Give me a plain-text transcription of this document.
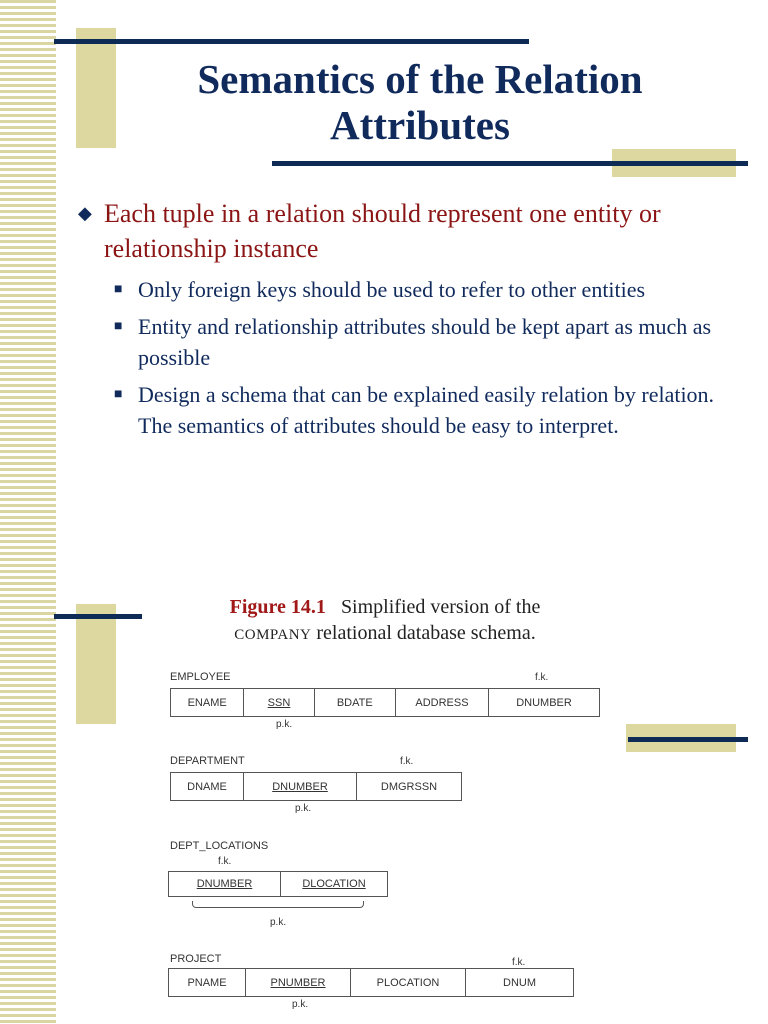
Semantics of the Relation
Attributes
◆ Each tuple in a relation should represent one entity or relationship instance
■ Only foreign keys should be used to refer to other entities
■ Entity and relationship attributes should be kept apart as much as possible
■ Design a schema that can be explained easily relation by relation. The semantics of attributes should be easy to interpret.
Figure 14.1 Simplified version of the
COMPANY relational database schema.
EMPLOYEE	f.k.
ENAME	SSN	BDATE	ADDRESS	DNUMBER
p.k.
DEPARTMENT	f.k.
DNAME	DNUMBER	DMGRSSN
p.k.
DEPT_LOCATIONS
f.k.
DNUMBER	DLOCATION
p.k.
PROJECT	f.k.
PNAME	PNUMBER	PLOCATION	DNUM
p.k.
